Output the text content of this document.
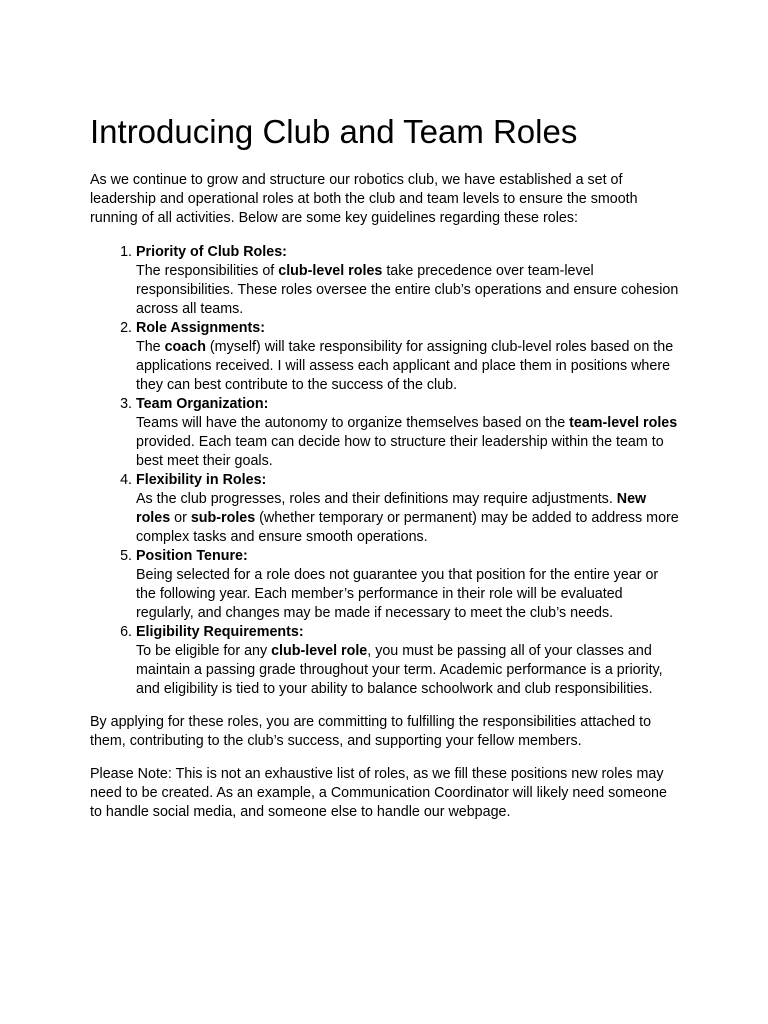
Introducing Club and Team Roles

As we continue to grow and structure our robotics club, we have established a set of leadership and operational roles at both the club and team levels to ensure the smooth running of all activities. Below are some key guidelines regarding these roles:

1. Priority of Club Roles:
The responsibilities of club-level roles take precedence over team-level responsibilities. These roles oversee the entire club’s operations and ensure cohesion across all teams.
2. Role Assignments:
The coach (myself) will take responsibility for assigning club-level roles based on the applications received. I will assess each applicant and place them in positions where they can best contribute to the success of the club.
3. Team Organization:
Teams will have the autonomy to organize themselves based on the team-level roles provided. Each team can decide how to structure their leadership within the team to best meet their goals.
4. Flexibility in Roles:
As the club progresses, roles and their definitions may require adjustments. New roles or sub-roles (whether temporary or permanent) may be added to address more complex tasks and ensure smooth operations.
5. Position Tenure:
Being selected for a role does not guarantee you that position for the entire year or the following year. Each member’s performance in their role will be evaluated regularly, and changes may be made if necessary to meet the club’s needs.
6. Eligibility Requirements:
To be eligible for any club-level role, you must be passing all of your classes and maintain a passing grade throughout your term. Academic performance is a priority, and eligibility is tied to your ability to balance schoolwork and club responsibilities.

By applying for these roles, you are committing to fulfilling the responsibilities attached to them, contributing to the club’s success, and supporting your fellow members.

Please Note: This is not an exhaustive list of roles, as we fill these positions new roles may need to be created. As an example, a Communication Coordinator will likely need someone to handle social media, and someone else to handle our webpage.
